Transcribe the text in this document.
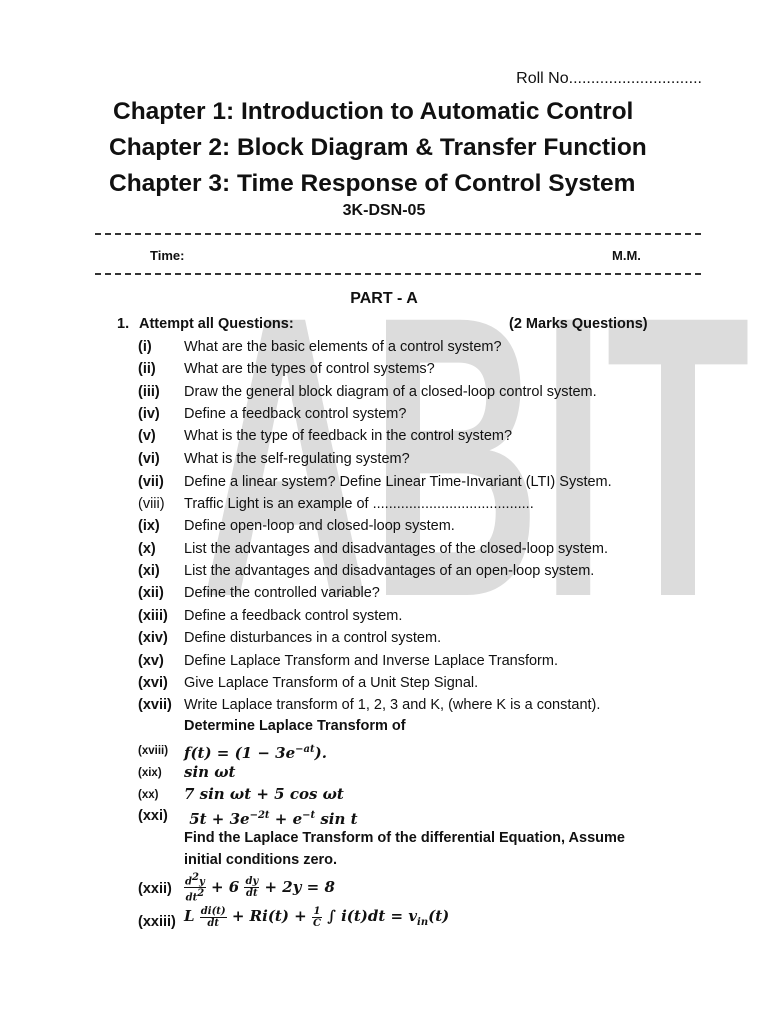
ABIT

Roll No..............................

Chapter 1: Introduction to Automatic Control

Chapter 2: Block Diagram & Transfer Function

Chapter 3: Time Response of Control System

3K-DSN-05

Time:	M.M.

PART - A

1. Attempt all Questions:	(2 Marks Questions)
(i) What are the basic elements of a control system?
(ii) What are the types of control systems?
(iii) Draw the general block diagram of a closed-loop control system.
(iv) Define a feedback control system?
(v) What is the type of feedback in the control system?
(vi) What is the self-regulating system?
(vii) Define a linear system? Define Linear Time-Invariant (LTI) System.
(viii) Traffic Light is an example of ........................................
(ix) Define open-loop and closed-loop system.
(x) List the advantages and disadvantages of the closed-loop system.
(xi) List the advantages and disadvantages of an open-loop system.
(xii) Define the controlled variable?
(xiii) Define a feedback control system.
(xiv) Define disturbances in a control system.
(xv) Define Laplace Transform and Inverse Laplace Transform.
(xvi) Give Laplace Transform of a Unit Step Signal.
(xvii) Write Laplace transform of 1, 2, 3 and K, (where K is a constant).

Determine Laplace Transform of

(xviii) $f(t) = (1 - 3e^{-at})$.
(xix) sin ωt
(xx) 7 sin ωt + 5 cos ωt
(xxi) $5t + 3e^{-2t} + e^{-t}$ sin t

Find the Laplace Transform of the differential Equation, Assume

initial conditions zero.

(xxii) $\frac{d^2y}{dt^2} + 6 \frac{dy}{dt} + 2y = 8$
(xxiii) L $\frac{di(t)}{dt} + Ri(t) + \frac{1}{C}$ ∫ $i(t)dt = v_{in}(t)$
